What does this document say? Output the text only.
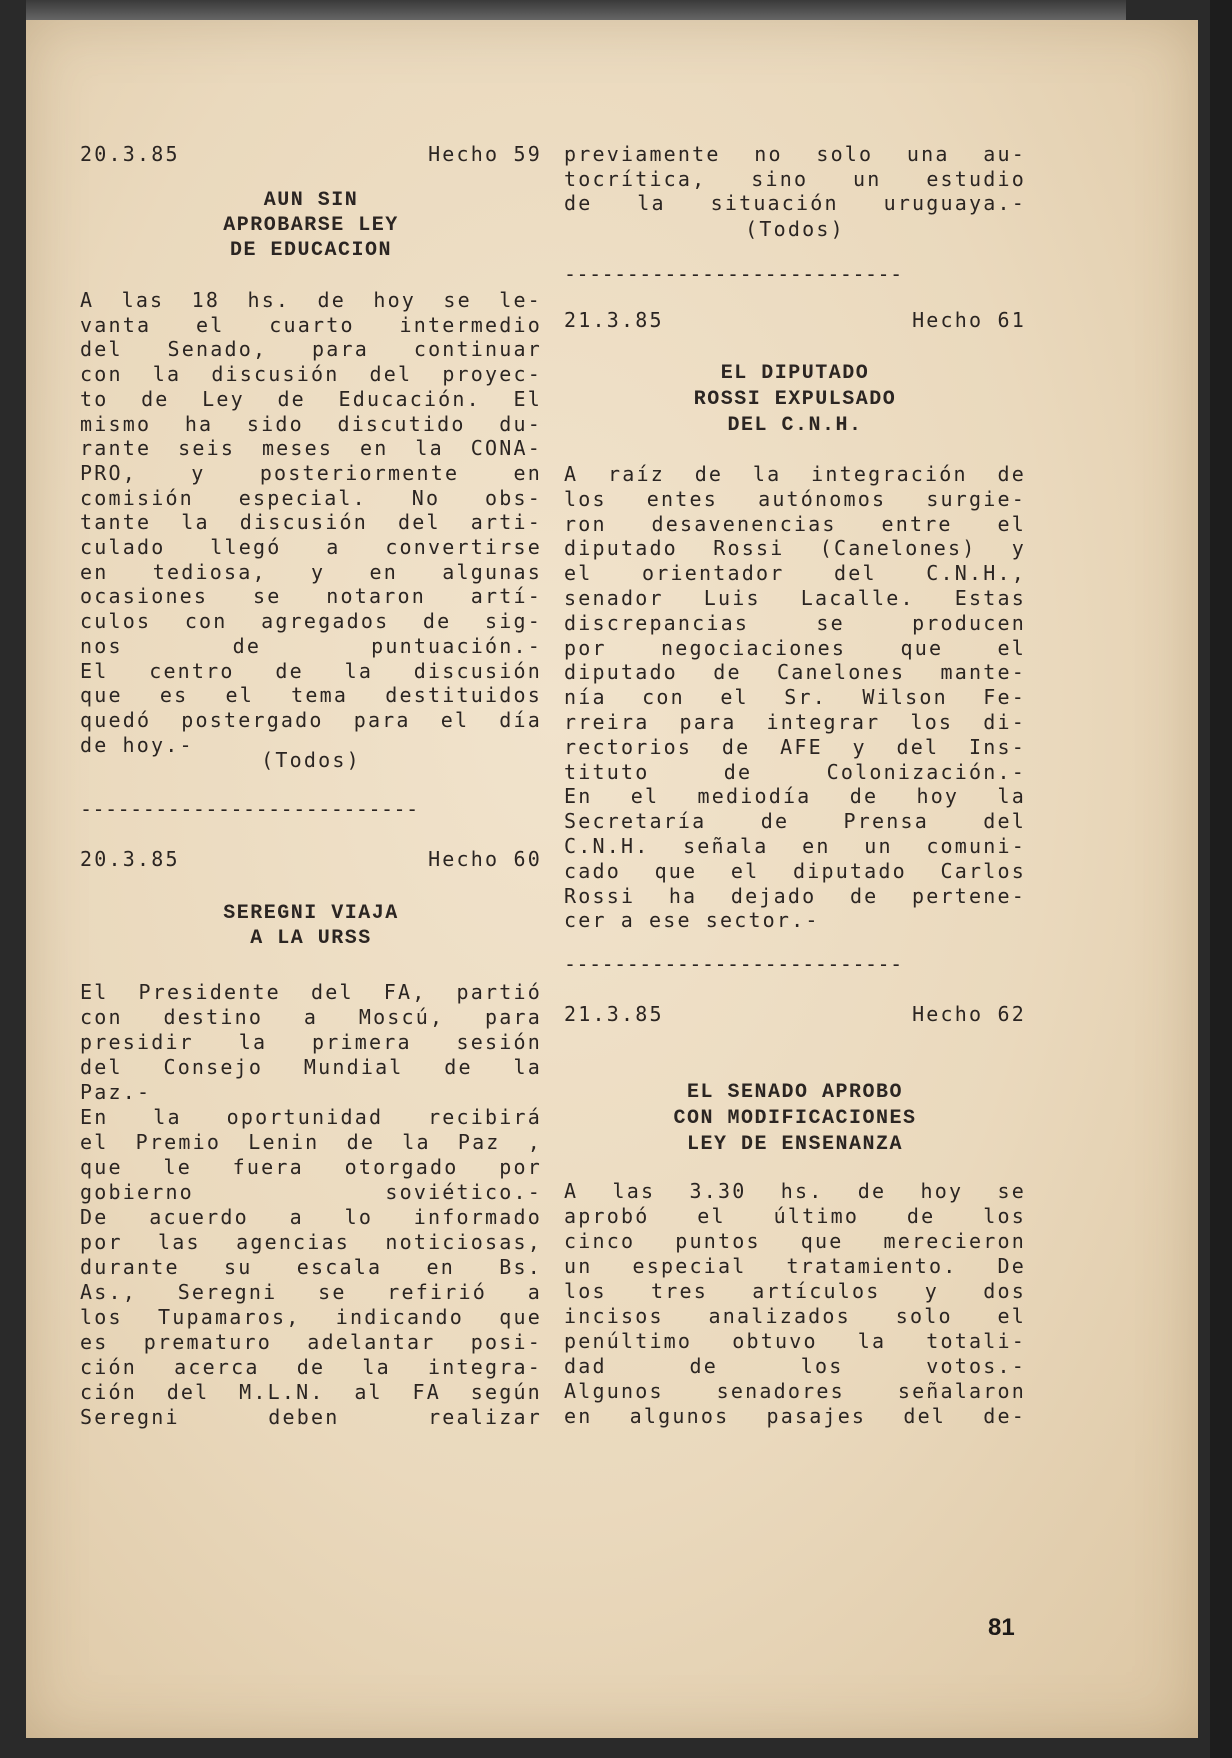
20.3.85	Hecho 59
AUN SIN
APROBARSE LEY
DE EDUCACION
A las 18 hs. de hoy se le-
vanta el cuarto intermedio
del Senado, para continuar
con la discusión del proyec-
to de Ley de Educación. El
mismo ha sido discutido du-
rante seis meses en la CONA-
PRO,	y	posteriormente	en
comisión especial. No obs-
tante la discusión del arti-
culado llegó a convertirse
en tediosa, y en algunas
ocasiones se notaron artí-
culos con agregados de sig-
nos	de	puntuación.-
El centro de la discusión
que es el tema destituidos
quedó postergado para el día
de hoy.-
(Todos)
---------------------------
20.3.85	Hecho 60
SEREGNI VIAJA
A LA URSS
El Presidente del FA, partió
con destino a Moscú, para
presidir la primera sesión
del Consejo Mundial de la
Paz.-
En la oportunidad recibirá
el Premio Lenin de la Paz ,
que le fuera otorgado por
gobierno	soviético.-
De acuerdo a lo informado
por las agencias noticiosas,
durante su escala en Bs.
As., Seregni se refirió a
los Tupamaros, indicando que
es prematuro adelantar posi-
ción acerca de la integra-
ción del M.L.N. al FA según
Seregni	deben	realizar
previamente no solo una au-
tocrítica, sino un estudio
de la situación uruguaya.-
(Todos)
---------------------------
21.3.85	Hecho 61
EL DIPUTADO
ROSSI EXPULSADO
DEL C.N.H.
A raíz de la integración de
los entes autónomos surgie-
ron desavenencias entre el
diputado Rossi (Canelones) y
el orientador del C.N.H.,
senador Luis Lacalle. Estas
discrepancias	se	producen
por	negociaciones	que	el
diputado de Canelones mante-
nía con el Sr. Wilson Fe-
rreira para integrar los di-
rectorios de AFE y del Ins-
tituto	de	Colonización.-
En el mediodía de hoy la
Secretaría	de	Prensa	del
C.N.H. señala en un comuni-
cado que el diputado Carlos
Rossi ha dejado de pertene-
cer a ese sector.-
---------------------------
21.3.85	Hecho 62
EL SENADO APROBO
CON MODIFICACIONES
LEY DE ENSENANZA
A las 3.30 hs. de hoy se
aprobó el último de los
cinco puntos que merecieron
un especial tratamiento. De
los tres artículos y dos
incisos analizados solo el
penúltimo obtuvo la totali-
dad	de	los	votos.-
Algunos	senadores	señalaron
en algunos pasajes del de-
81
